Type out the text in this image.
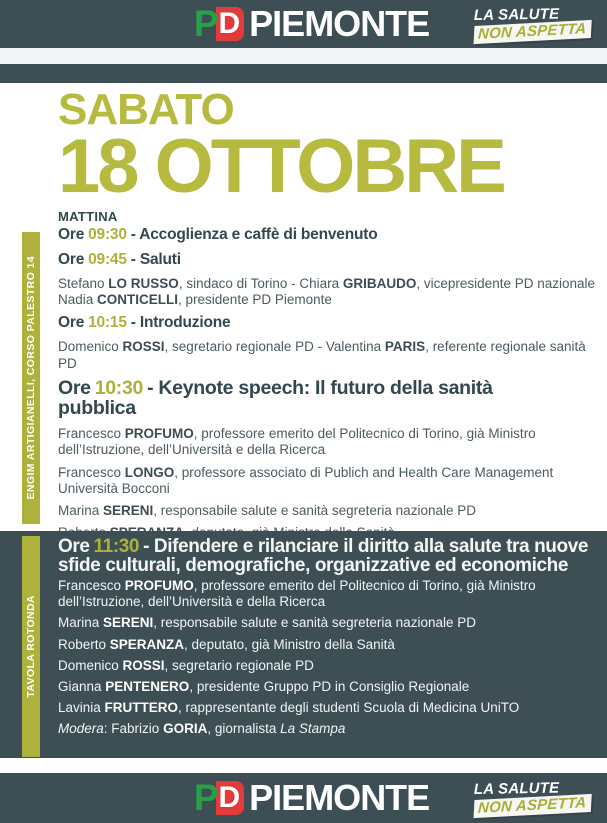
P D PIEMONTE	LA SALUTE
NON ASPETTA
SABATO
18 OTTOBRE
MATTINA
ENGIM ARTIGIANELLI, CORSO PALESTRO 14

Ore 09:30 - Accoglienza e caffè di benvenuto

Ore 09:45 - Saluti

Stefano LO RUSSO, sindaco di Torino - Chiara GRIBAUDO, vicepresidente PD nazionale Nadia CONTICELLI, presidente PD Piemonte

Ore 10:15 - Introduzione

Domenico ROSSI, segretario regionale PD - Valentina PARIS, referente regionale sanità PD

Ore 10:30 - Keynote speech: Il futuro della sanità pubblica

Francesco PROFUMO, professore emerito del Politecnico di Torino, già Ministro dell’Istruzione, dell’Università e della Ricerca

Francesco LONGO, professore associato di Publich and Health Care Management Università Bocconi

Marina SERENI, responsabile salute e sanità segreteria nazionale PD

Ore 11:30 - Difendere e rilanciare il diritto alla salute tra nuove sfide culturali, demografiche, organizzative ed economiche

Francesco PROFUMO, professore emerito del Politecnico di Torino, già Ministro dell’Istruzione, dell’Università e della Ricerca

Marina SERENI, responsabile salute e sanità segreteria nazionale PD

Roberto SPERANZA, deputato, già Ministro della Sanità

Domenico ROSSI, segretario regionale PD

Gianna PENTENERO, presidente Gruppo PD in Consiglio Regionale

Lavinia FRUTTERO, rappresentante degli studenti Scuola di Medicina UniTO

Modera: Fabrizio GORIA, giornalista La Stampa

TAVOLA ROTONDA
P D PIEMONTE	LA SALUTE
NON ASPETTA
